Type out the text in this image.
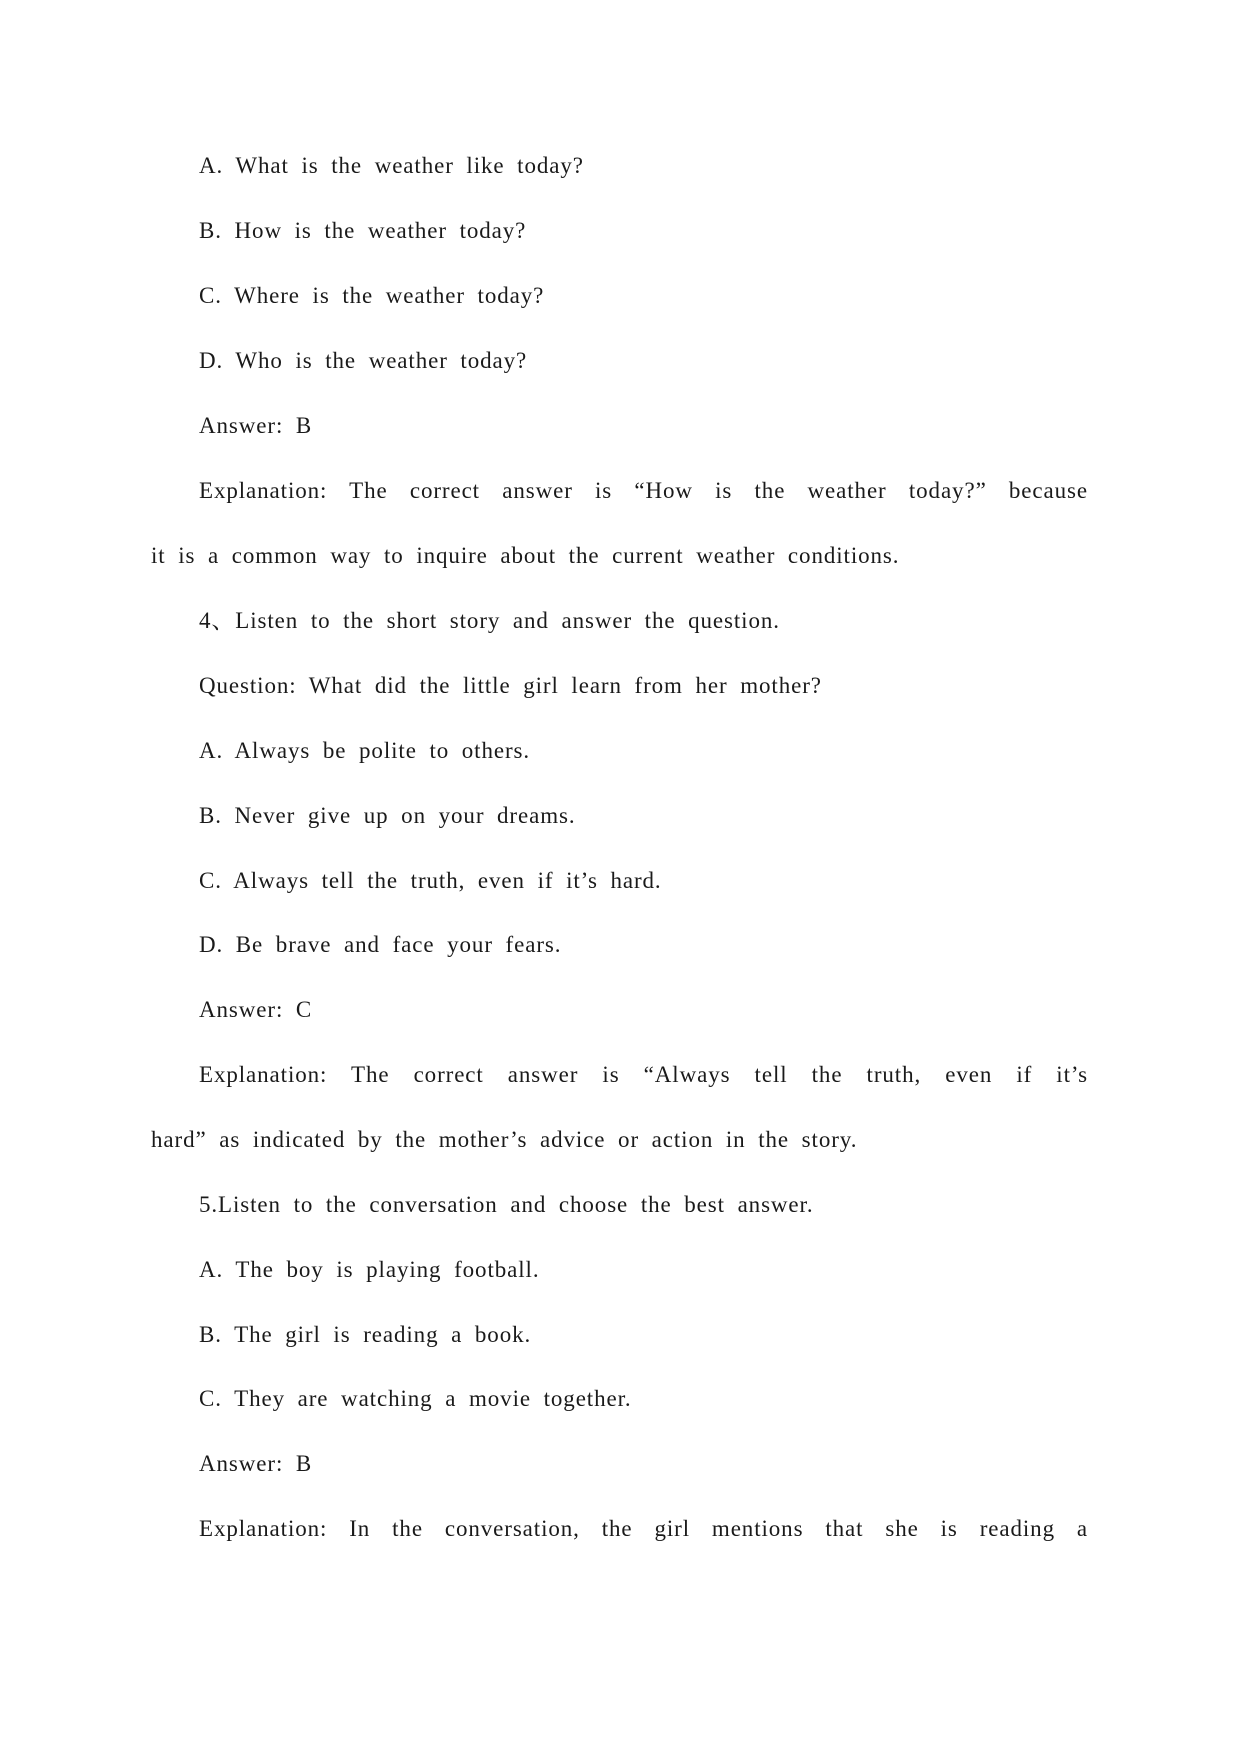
A. What is the weather like today?
B. How is the weather today?
C. Where is the weather today?
D. Who is the weather today?
Answer: B
Explanation: The correct answer is “How is the weather today?” because
it is a common way to inquire about the current weather conditions.
4、Listen to the short story and answer the question.
Question: What did the little girl learn from her mother?
A. Always be polite to others.
B. Never give up on your dreams.
C. Always tell the truth, even if it’s hard.
D. Be brave and face your fears.
Answer: C
Explanation: The correct answer is “Always tell the truth, even if it’s
hard” as indicated by the mother’s advice or action in the story.
5.Listen to the conversation and choose the best answer.
A. The boy is playing football.
B. The girl is reading a book.
C. They are watching a movie together.
Answer: B
Explanation: In the conversation, the girl mentions that she is reading a
